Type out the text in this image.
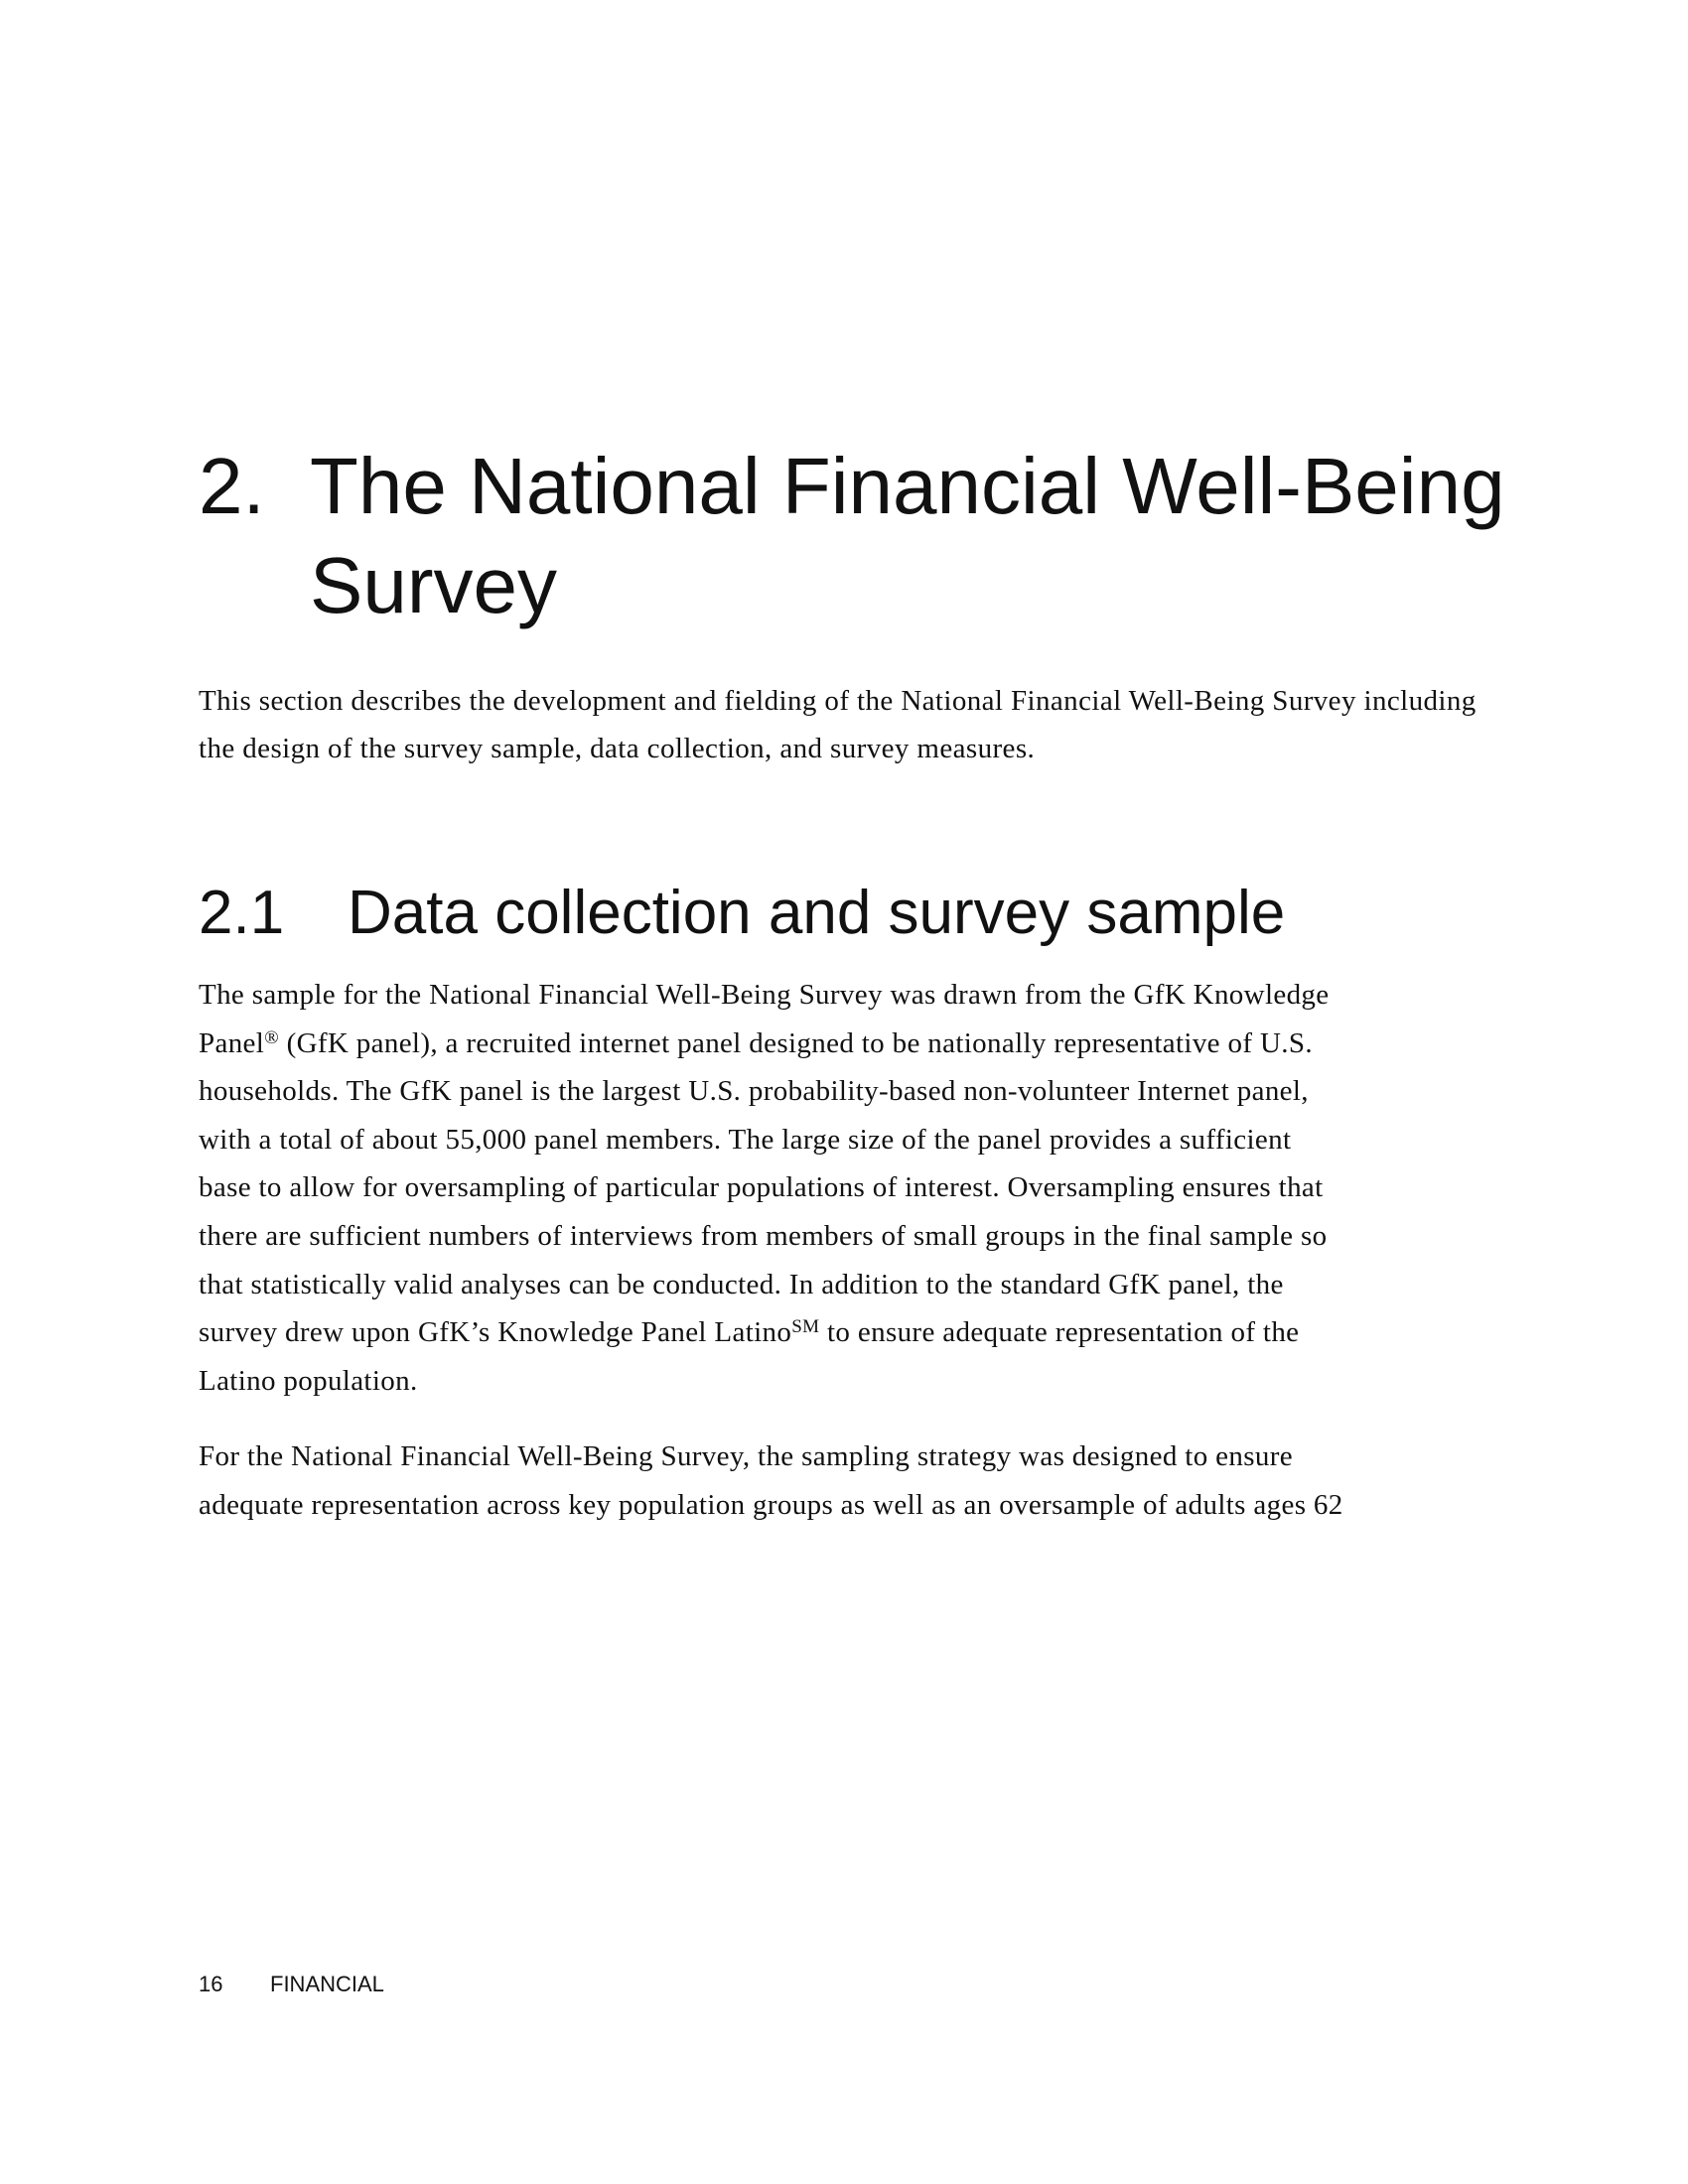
2. The National Financial Well-Being Survey

This section describes the development and fielding of the National Financial Well-Being Survey including the design of the survey sample, data collection, and survey measures.

2.1	Data collection and survey sample

The sample for the National Financial Well-Being Survey was drawn from the GfK Knowledge
Panel® (GfK panel), a recruited internet panel designed to be nationally representative of U.S.
households. The GfK panel is the largest U.S. probability-based non-volunteer Internet panel,
with a total of about 55,000 panel members. The large size of the panel provides a sufficient
base to allow for oversampling of particular populations of interest. Oversampling ensures that
there are sufficient numbers of interviews from members of small groups in the final sample so
that statistically valid analyses can be conducted. In addition to the standard GfK panel, the
survey drew upon GfK’s Knowledge Panel Latino℠ to ensure adequate representation of the
Latino population.

For the National Financial Well-Being Survey, the sampling strategy was designed to ensure
adequate representation across key population groups as well as an oversample of adults ages 62

16	FINANCIAL
